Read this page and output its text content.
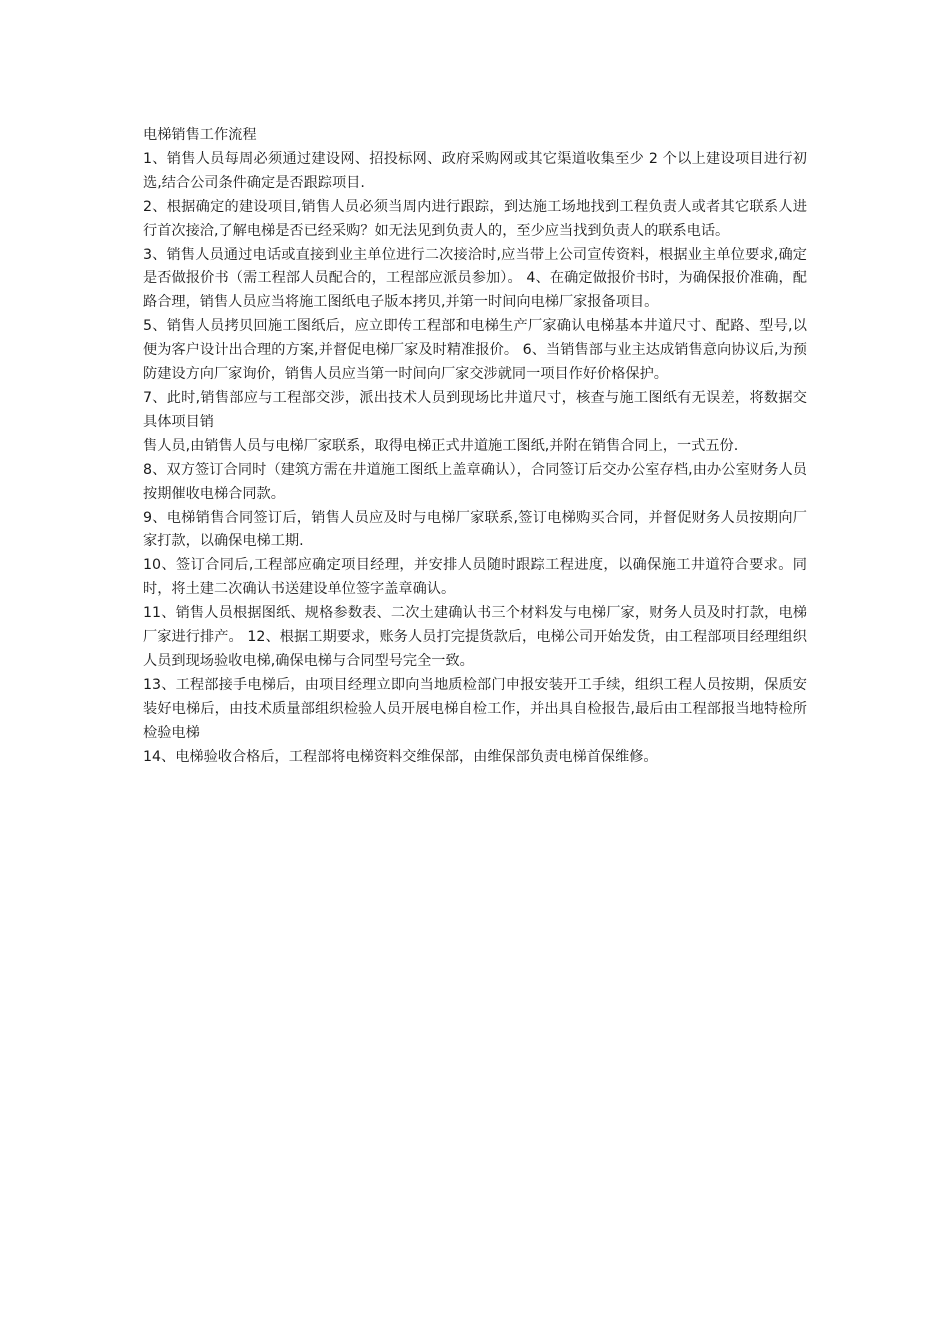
电梯销售工作流程

1、销售人员每周必须通过建设网、招投标网、政府采购网或其它渠道收集至少 2 个以上建设项目进行初选,结合公司条件确定是否跟踪项目.

2、根据确定的建设项目,销售人员必须当周内进行跟踪，到达施工场地找到工程负责人或者其它联系人进行首次接洽,了解电梯是否已经采购？如无法见到负责人的，至少应当找到负责人的联系电话。

3、销售人员通过电话或直接到业主单位进行二次接洽时,应当带上公司宣传资料，根据业主单位要求,确定是否做报价书（需工程部人员配合的，工程部应派员参加）。 4、在确定做报价书时，为确保报价准确，配路合理，销售人员应当将施工图纸电子版本拷贝,并第一时间向电梯厂家报备项目。

5、销售人员拷贝回施工图纸后，应立即传工程部和电梯生产厂家确认电梯基本井道尺寸、配路、型号,以便为客户设计出合理的方案,并督促电梯厂家及时精准报价。 6、当销售部与业主达成销售意向协议后,为预防建设方向厂家询价，销售人员应当第一时间向厂家交涉就同一项目作好价格保护。

7、此时,销售部应与工程部交涉，派出技术人员到现场比井道尺寸，核查与施工图纸有无误差，将数据交具体项目销

售人员,由销售人员与电梯厂家联系，取得电梯正式井道施工图纸,并附在销售合同上，一式五份.

8、双方签订合同时（建筑方需在井道施工图纸上盖章确认），合同签订后交办公室存档,由办公室财务人员按期催收电梯合同款。

9、电梯销售合同签订后，销售人员应及时与电梯厂家联系,签订电梯购买合同，并督促财务人员按期向厂家打款，以确保电梯工期.

10、签订合同后,工程部应确定项目经理，并安排人员随时跟踪工程进度，以确保施工井道符合要求。同时，将土建二次确认书送建设单位签字盖章确认。

11、销售人员根据图纸、规格参数表、二次土建确认书三个材料发与电梯厂家，财务人员及时打款，电梯厂家进行排产。 12、根据工期要求，账务人员打完提货款后，电梯公司开始发货，由工程部项目经理组织人员到现场验收电梯,确保电梯与合同型号完全一致。

13、工程部接手电梯后，由项目经理立即向当地质检部门申报安装开工手续，组织工程人员按期，保质安装好电梯后，由技术质量部组织检验人员开展电梯自检工作，并出具自检报告,最后由工程部报当地特检所检验电梯

14、电梯验收合格后，工程部将电梯资料交维保部，由维保部负责电梯首保维修。
